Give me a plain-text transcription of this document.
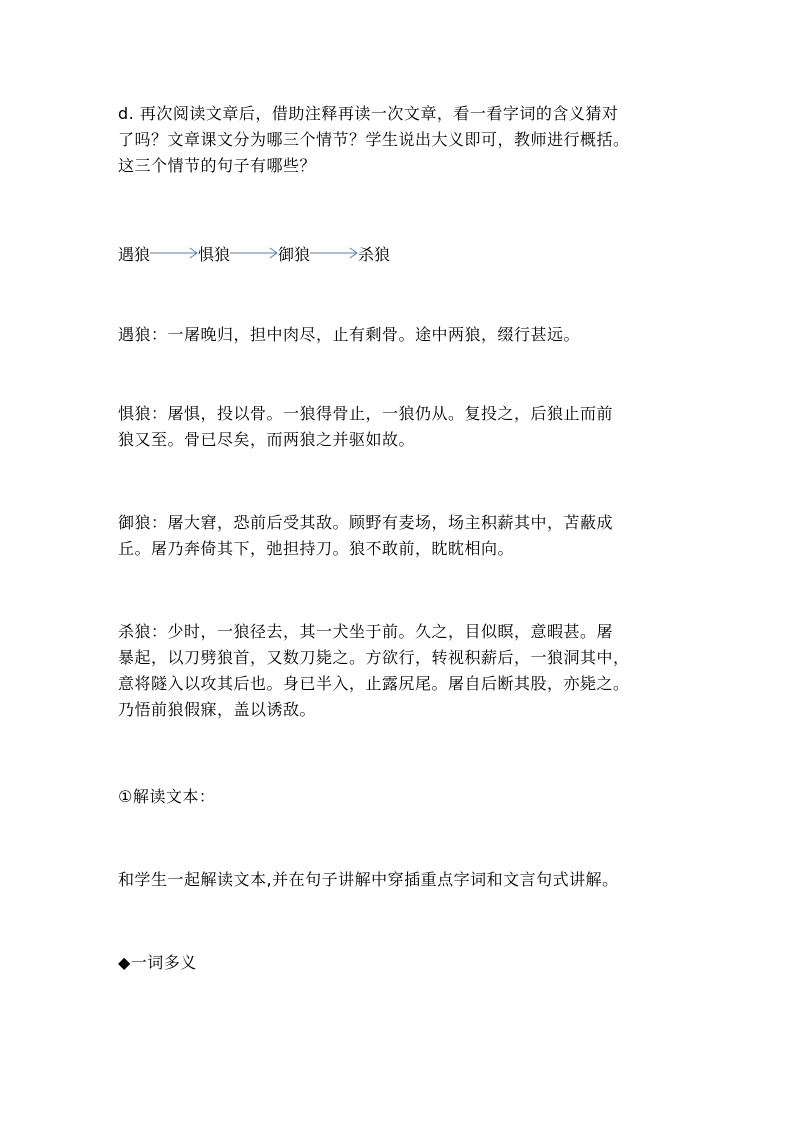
d. 再次阅读文章后，借助注释再读一次文章，看一看字词的含义猜对
了吗？文章课文分为哪三个情节？学生说出大义即可，教师进行概括。
这三个情节的句子有哪些？
遇狼	惧狼	御狼	杀狼
遇狼：一屠晚归，担中肉尽，止有剩骨。途中两狼，缀行甚远。
惧狼：屠惧，投以骨。一狼得骨止，一狼仍从。复投之，后狼止而前
狼又至。骨已尽矣，而两狼之并驱如故。
御狼：屠大窘，恐前后受其敌。顾野有麦场，场主积薪其中，苫蔽成
丘。屠乃奔倚其下，弛担持刀。狼不敢前，眈眈相向。
杀狼：少时，一狼径去，其一犬坐于前。久之，目似瞑，意暇甚。屠
暴起，以刀劈狼首，又数刀毙之。方欲行，转视积薪后，一狼洞其中，
意将隧入以攻其后也。身已半入，止露尻尾。屠自后断其股，亦毙之。
乃悟前狼假寐，盖以诱敌。
①解读文本：
和学生一起解读文本,并在句子讲解中穿插重点字词和文言句式讲解。
◆一词多义
